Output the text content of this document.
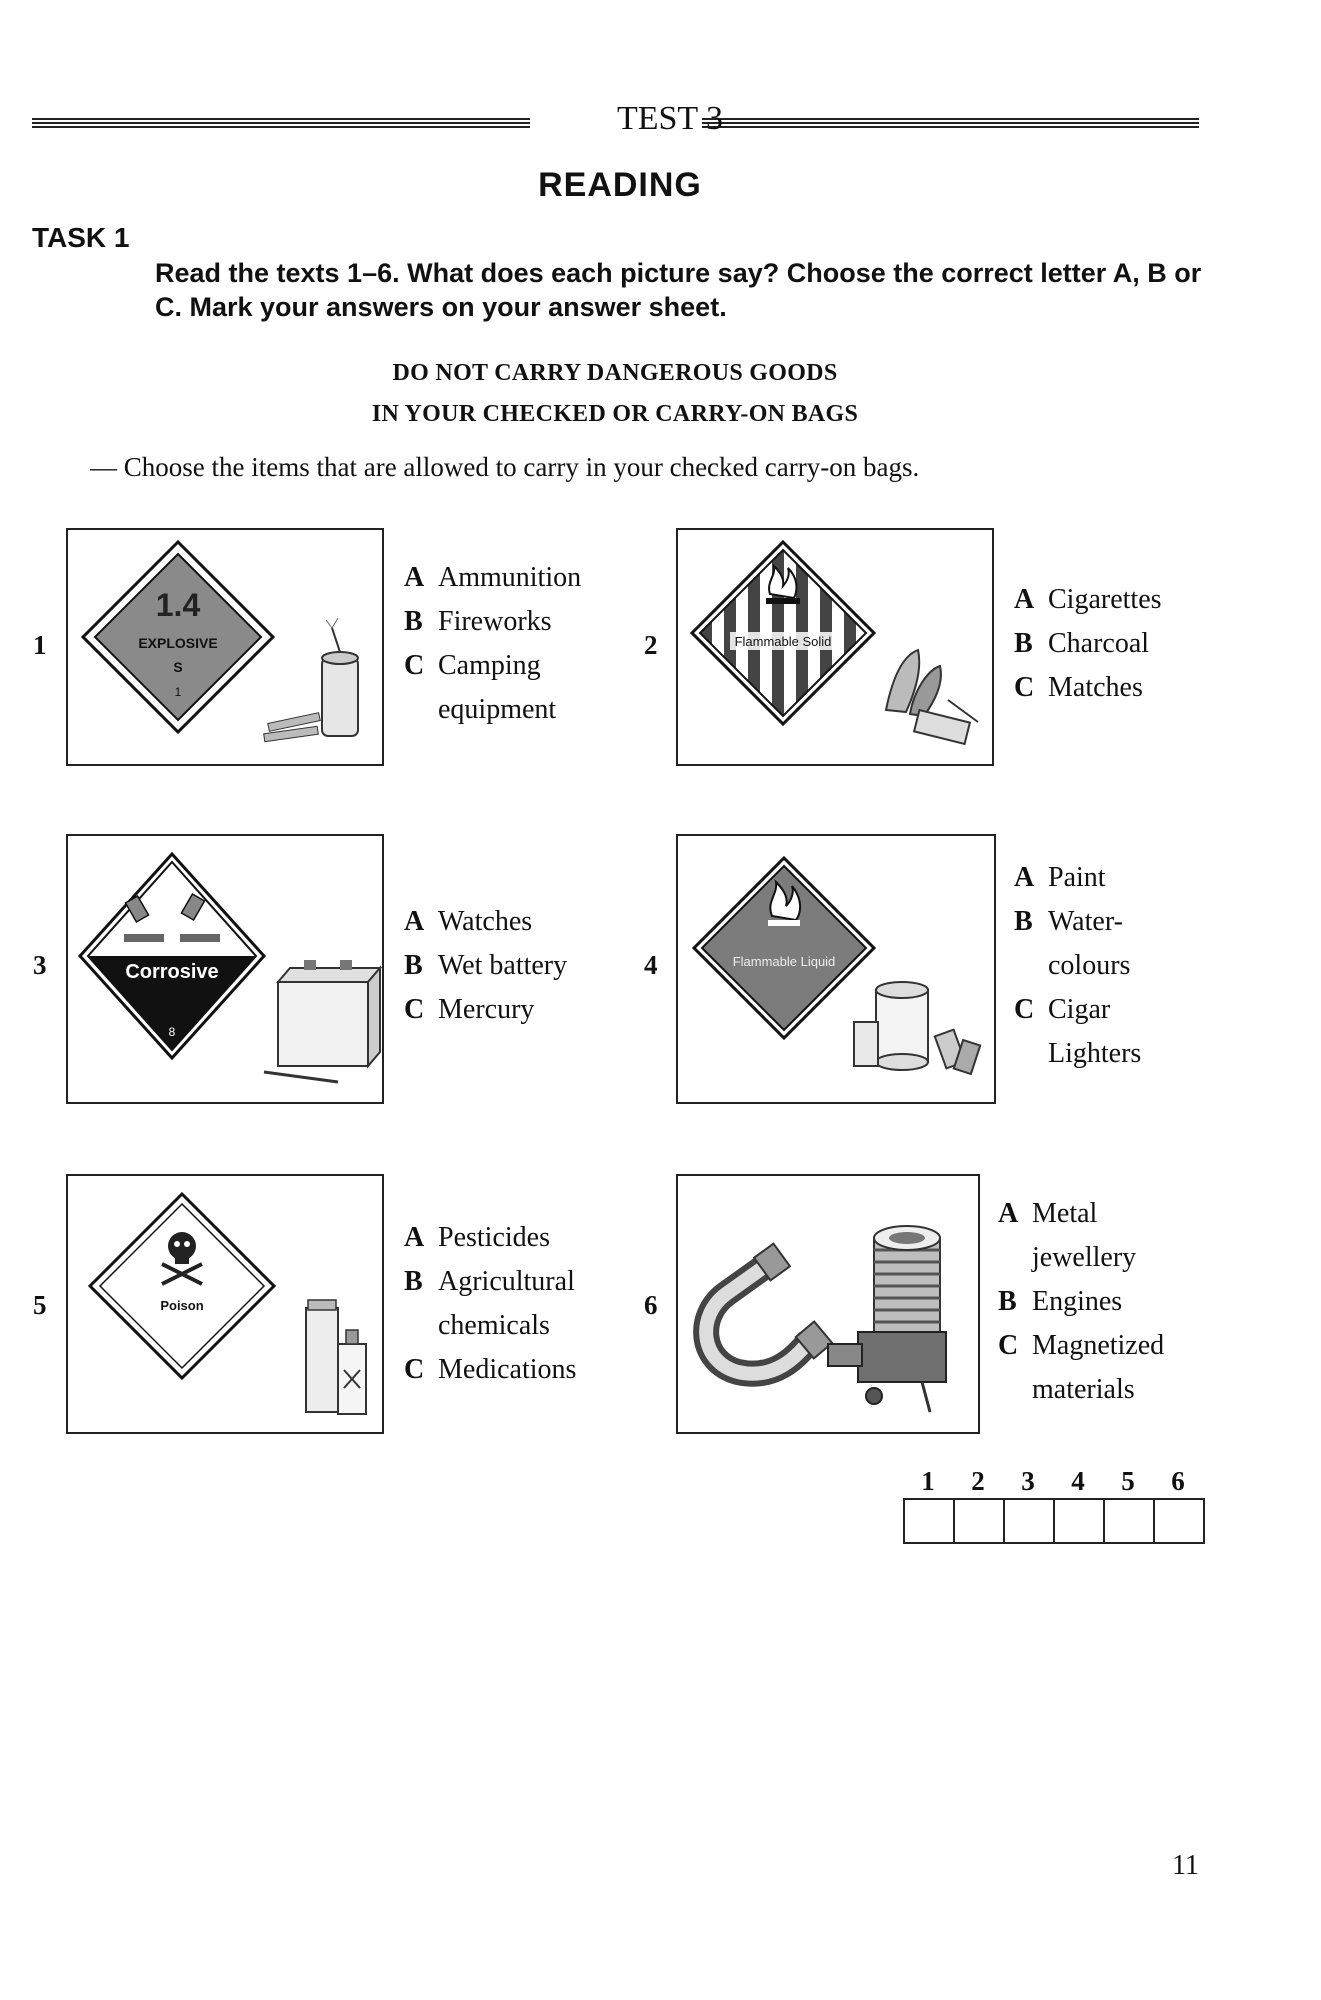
TEST 3
READING
TASK 1
Read the texts 1–6. What does each picture say? Choose the correct letter A, B or C. Mark your answers on your answer sheet.
DO NOT CARRY DANGEROUS GOODS
IN YOUR CHECKED OR CARRY-ON BAGS
— Choose the items that are allowed to carry in your checked carry-on bags.
1
1.4
EXPLOSIVE
S
1
A Ammunition
B Fireworks
C Camping
equipment
2	Flammable Solid
A Cigarettes
B Charcoal
C Matches
3	Corrosive
8
A Watches
B Wet battery
C Mercury
4	Flammable Liquid
A Paint
B Water-
colours
C Cigar
Lighters
5	Poison
A Pesticides
B Agricultural
chemicals
C Medications
6
A Metal
jewellery
B Engines
C Magnetized
materials
1	2	3	4	5	6

11
